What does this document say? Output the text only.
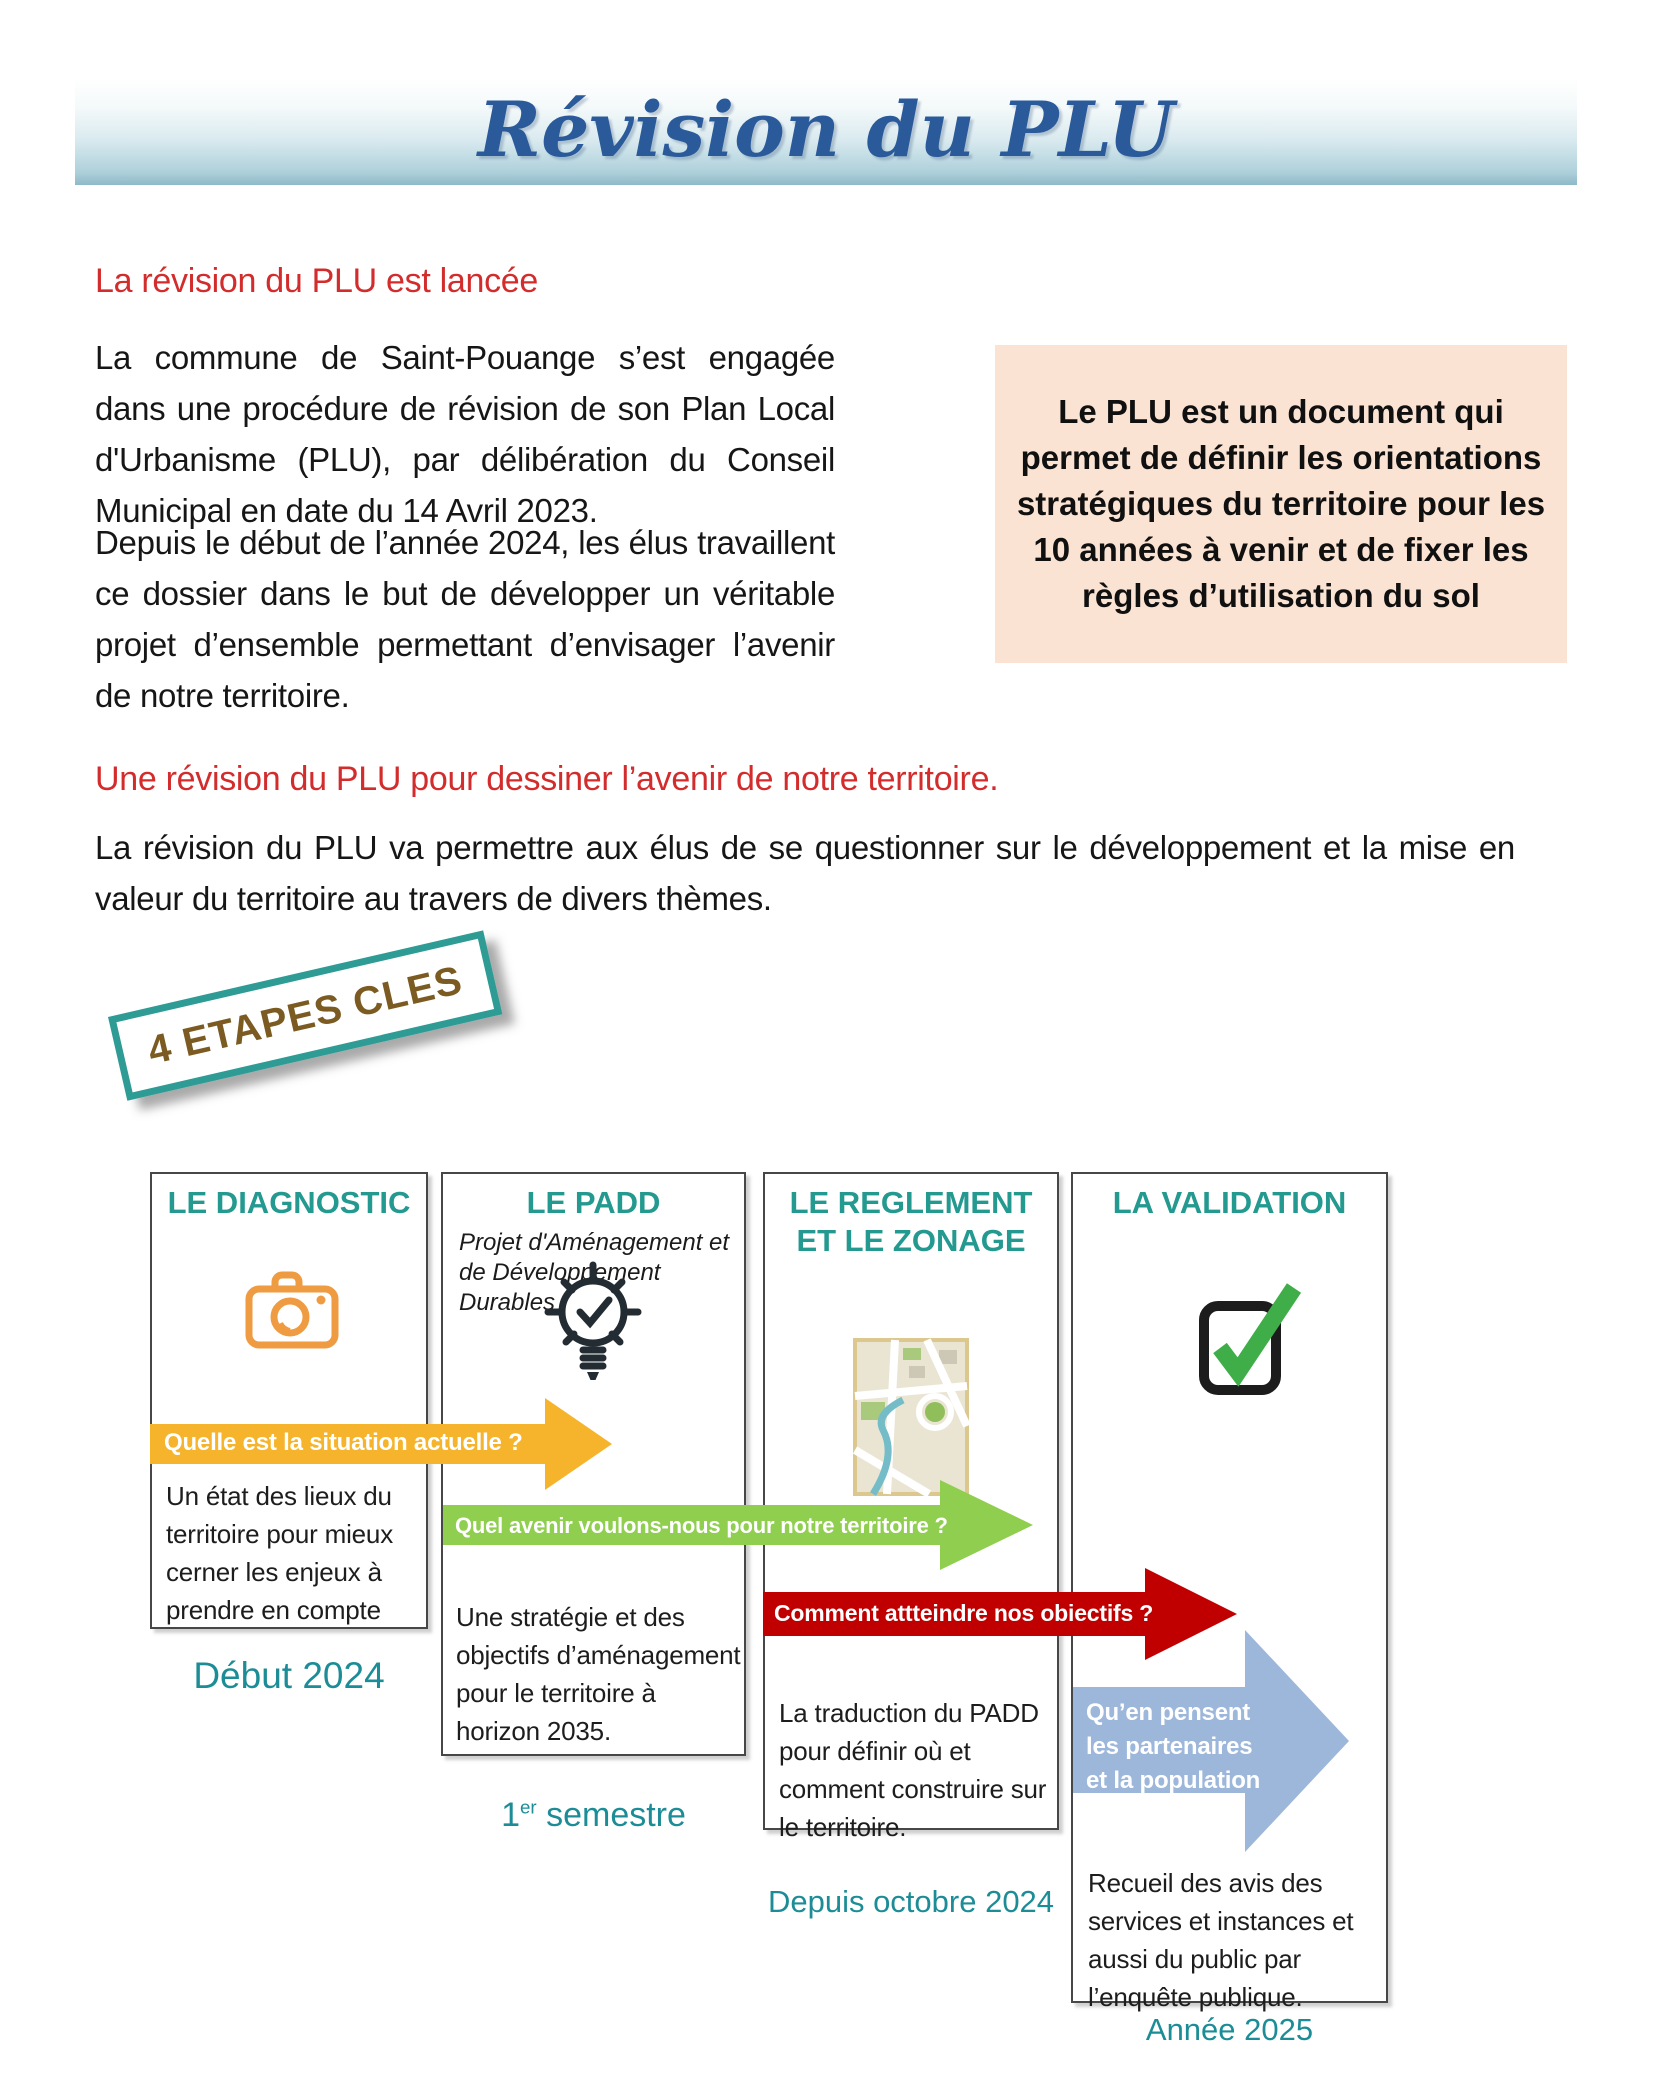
Révision du PLU
La révision du PLU est lancée
La commune de Saint-Pouange s’est engagée dans une procédure de révision de son Plan Local d'Urbanisme (PLU), par délibération du Conseil Municipal en date du 14 Avril 2023.
Depuis le début de l’année 2024, les élus travaillent ce dossier dans le but de développer un véritable projet d’ensemble permettant d’envisager l’avenir de notre territoire.
Le PLU est un document qui permet de définir les orientations stratégiques du territoire pour les 10 années à venir et de fixer les règles d’utilisation du sol
Une révision du PLU pour dessiner l’avenir de notre territoire.
La révision du PLU va permettre aux élus de se questionner sur le développement et la mise en valeur du territoire au travers de divers thèmes.
4 ETAPES CLES
LE DIAGNOSTIC	LE PADD
Projet d'Aménagement et de Développement Durables
LE REGLEMENT ET LE ZONAGE
LA VALIDATION
Quelle est la situation actuelle ?
Quel avenir voulons-nous pour notre territoire ?
Comment attteindre nos obiectifs ?
Qu’en pensent les partenaires et la population ?
Un état des lieux du territoire pour mieux cerner les enjeux à prendre en compte	Une stratégie et des objectifs d’aménagement pour le territoire à horizon 2035.
La traduction du PADD pour définir où et comment construire sur le territoire.
Recueil des avis des services et instances et aussi du public par l’enquête publique.
Début 2024
1er semestre
Depuis octobre 2024
Année 2025
